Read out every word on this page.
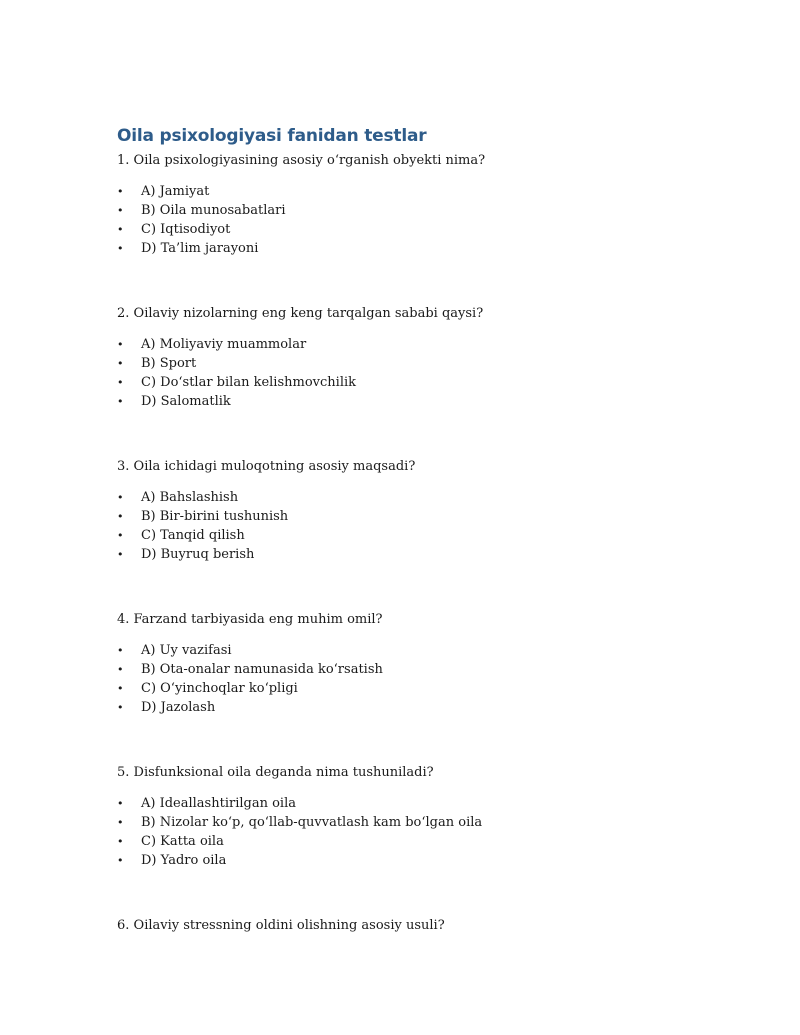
Oila psixologiyasi fanidan testlar

1. Oila psixologiyasining asosiy o‘rganish obyekti nima?

•	A) Jamiyat
•	B) Oila munosabatlari
•	C) Iqtisodiyot
•	D) Ta’lim jarayoni

2. Oilaviy nizolarning eng keng tarqalgan sababi qaysi?

•	A) Moliyaviy muammolar
•	B) Sport
•	C) Do‘stlar bilan kelishmovchilik
•	D) Salomatlik

3. Oila ichidagi muloqotning asosiy maqsadi?

•	A) Bahslashish
•	B) Bir-birini tushunish
•	C) Tanqid qilish
•	D) Buyruq berish

4. Farzand tarbiyasida eng muhim omil?

•	A) Uy vazifasi
•	B) Ota-onalar namunasida ko‘rsatish
•	C) O‘yinchoqlar ko‘pligi
•	D) Jazolash

5. Disfunksional oila deganda nima tushuniladi?

•	A) Ideallashtirilgan oila
•	B) Nizolar ko‘p, qo‘llab-quvvatlash kam bo‘lgan oila
•	C) Katta oila
•	D) Yadro oila

6. Oilaviy stressning oldini olishning asosiy usuli?
